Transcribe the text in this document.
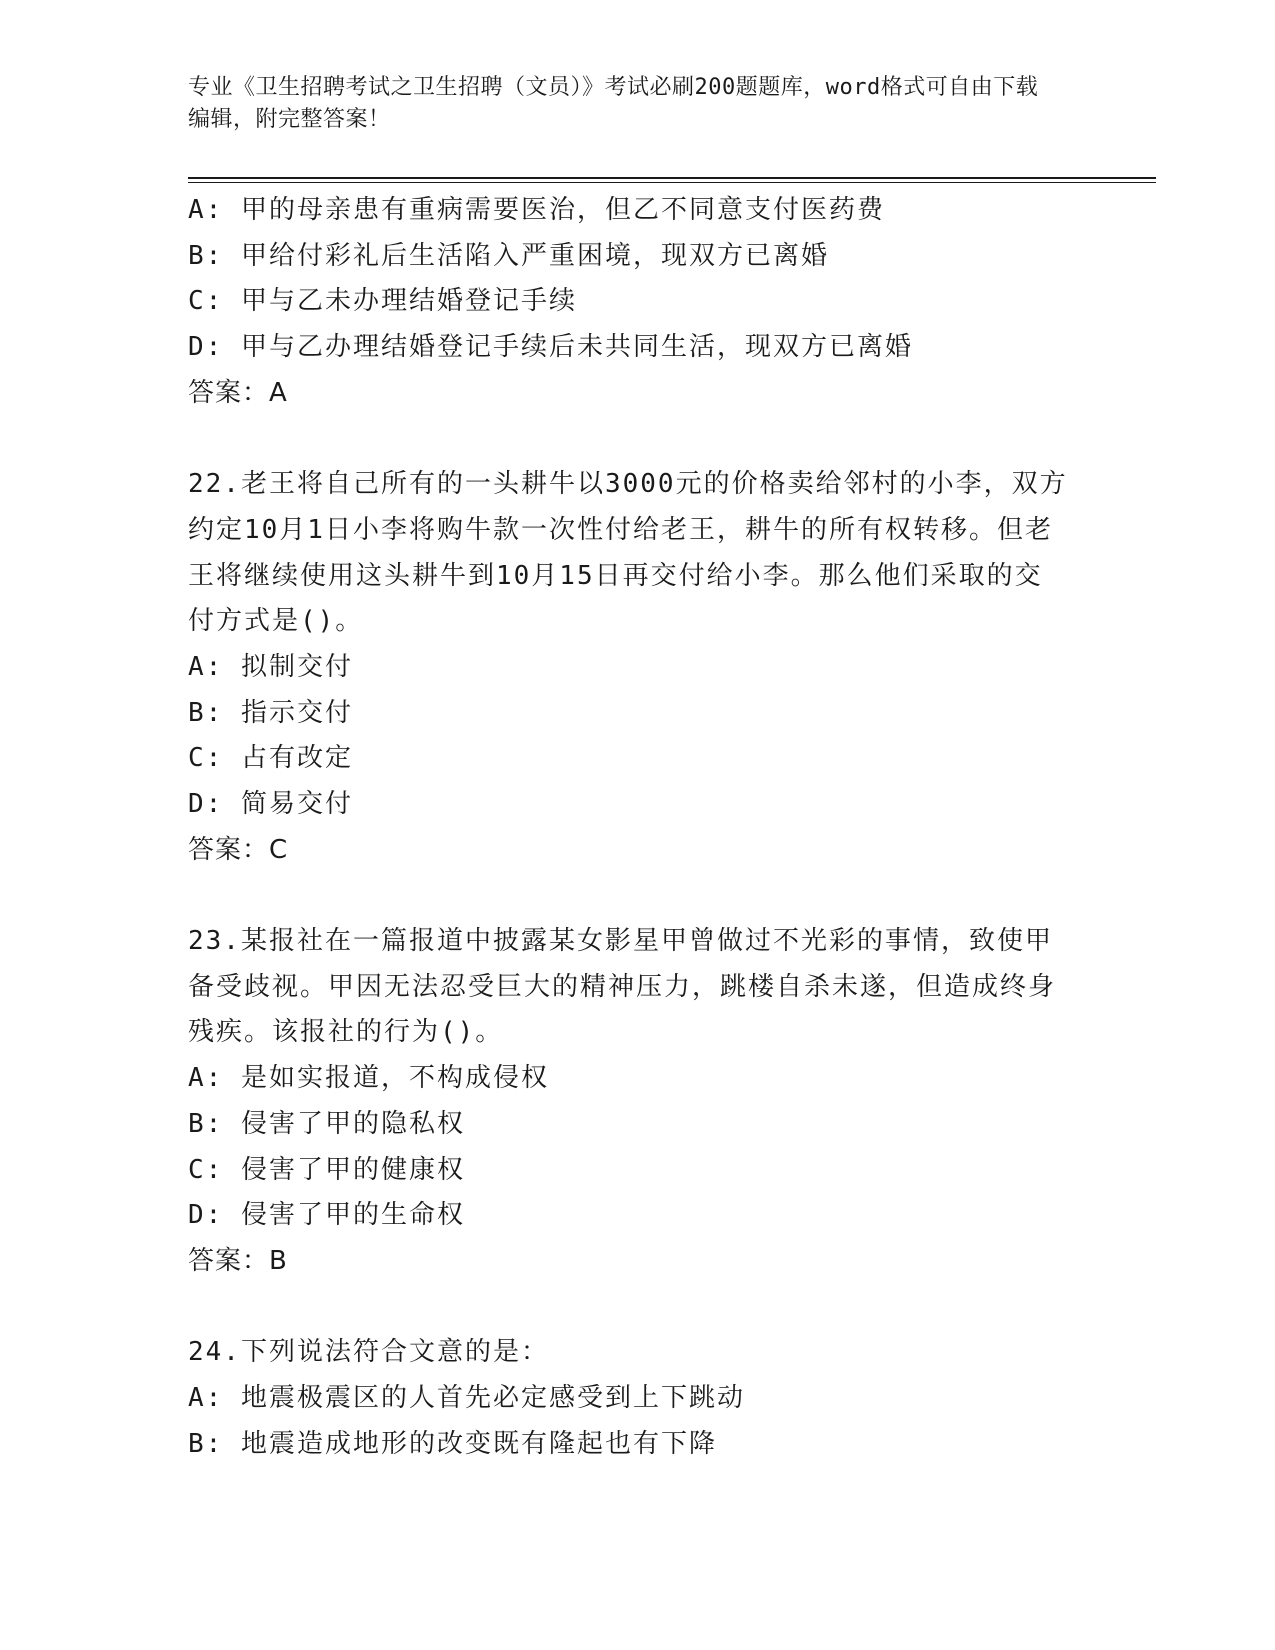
专业《卫生招聘考试之卫生招聘（文员）》考试必刷200题题库，word格式可自由下载编辑，附完整答案！
A: 甲的母亲患有重病需要医治，但乙不同意支付医药费
B: 甲给付彩礼后生活陷入严重困境，现双方已离婚
C: 甲与乙未办理结婚登记手续
D: 甲与乙办理结婚登记手续后未共同生活，现双方已离婚
答案：A
22.老王将自己所有的一头耕牛以3000元的价格卖给邻村的小李，双方约定10月1日小李将购牛款一次性付给老王，耕牛的所有权转移。但老王将继续使用这头耕牛到10月15日再交付给小李。那么他们采取的交付方式是()。
A: 拟制交付
B: 指示交付
C: 占有改定
D: 简易交付
答案：C
23.某报社在一篇报道中披露某女影星甲曾做过不光彩的事情，致使甲备受歧视。甲因无法忍受巨大的精神压力，跳楼自杀未遂，但造成终身残疾。该报社的行为()。
A: 是如实报道，不构成侵权
B: 侵害了甲的隐私权
C: 侵害了甲的健康权
D: 侵害了甲的生命权
答案：B
24.下列说法符合文意的是：
A: 地震极震区的人首先必定感受到上下跳动
B: 地震造成地形的改变既有隆起也有下降
